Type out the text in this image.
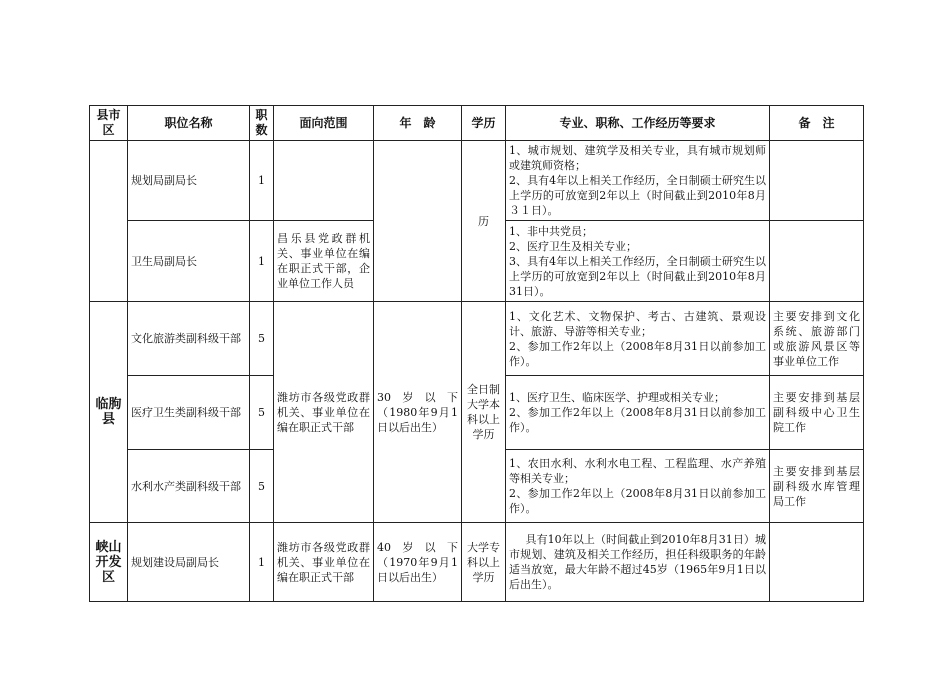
县市区	职位名称	职数	面向范围	年　龄	学历	专业、职称、工作经历等要求	备　注
	规划局副局长	1			历	1、城市规划、建筑学及相关专业，具有城市规划师或建筑师资格；
2、具有4年以上相关工作经历，全日制硕士研究生以上学历的可放宽到2年以上（时间截止到2010年8月３１日）。	

	卫生局副局长	1	昌乐县党政群机关、事业单位在编在职正式干部，企业单位工作人员			1、非中共党员；
2、医疗卫生及相关专业；
3、具有4年以上相关工作经历，全日制硕士研究生以上学历的可放宽到2年以上（时间截止到2010年8月31日）。	

临朐县	文化旅游类副科级干部	5	潍坊市各级党政群机关、事业单位在编在职正式干部	30岁以下（1980年9月1日以后出生）	全日制大学本科以上学历	1、文化艺术、文物保护、考古、古建筑、景观设计、旅游、导游等相关专业；
2、参加工作2年以上（2008年8月31日以前参加工作）。	主要安排到文化系统、旅游部门或旅游风景区等事业单位工作
	医疗卫生类副科级干部	5				1、医疗卫生、临床医学、护理或相关专业；
2、参加工作2年以上（2008年8月31日以前参加工作）。	主要安排到基层副科级中心卫生院工作
	水利水产类副科级干部	5				1、农田水利、水利水电工程、工程监理、水产养殖等相关专业；
2、参加工作2年以上（2008年8月31日以前参加工作）。	主要安排到基层副科级水库管理局工作
峡山开发区	规划建设局副局长	1	潍坊市各级党政群机关、事业单位在编在职正式干部	40岁以下（1970年9月1日以后出生）	大学专科以上学历	具有10年以上（时间截止到2010年8月31日）城市规划、建筑及相关工作经历，担任科级职务的年龄适当放宽，最大年龄不超过45岁（1965年9月1日以后出生）。	
